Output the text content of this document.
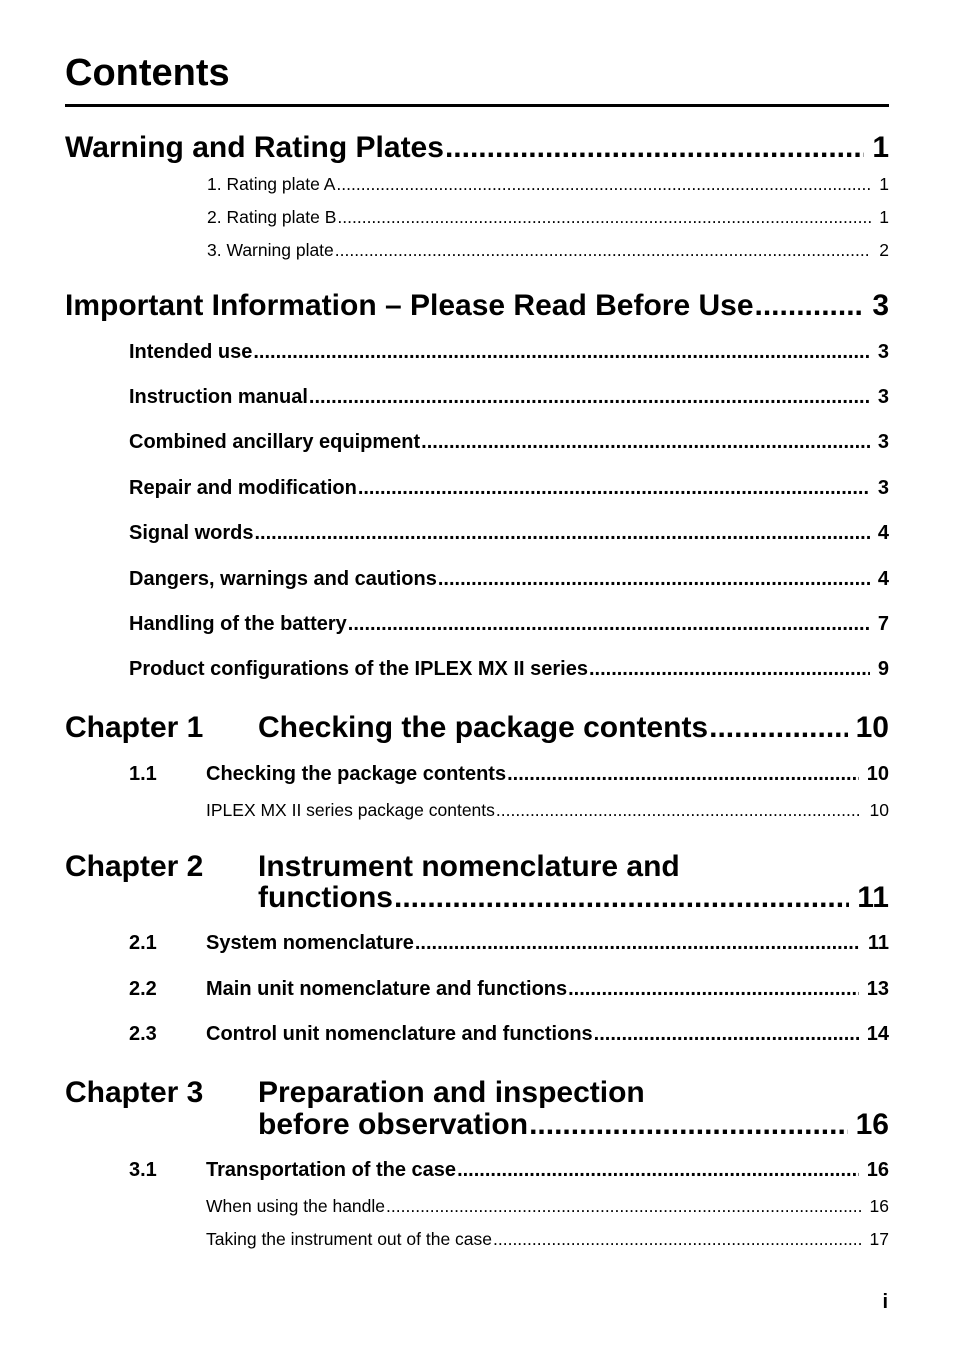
Contents
Warning and Rating Plates .....	1
1. Rating plate A .....	1
2. Rating plate B .....	1
3. Warning plate .....	2
Important Information – Please Read Before Use .....	3
Intended use .....	3
Instruction manual .....	3
Combined ancillary equipment .....	3
Repair and modification .....	3
Signal words .....	4
Dangers, warnings and cautions .....	4
Handling of the battery .....	7
Product configurations of the IPLEX MX II series .....	9
Chapter 1 Checking the package contents .....	10
1.1 Checking the package contents .....	10
IPLEX MX II series package contents .....	10
Chapter 2 Instrument nomenclature and
functions .....	11
2.1 System nomenclature .....	11
2.2 Main unit nomenclature and functions .....	13
2.3 Control unit nomenclature and functions .....	14
Chapter 3 Preparation and inspection
before observation .....	16
3.1 Transportation of the case .....	16
When using the handle .....	16
Taking the instrument out of the case .....	17
i
